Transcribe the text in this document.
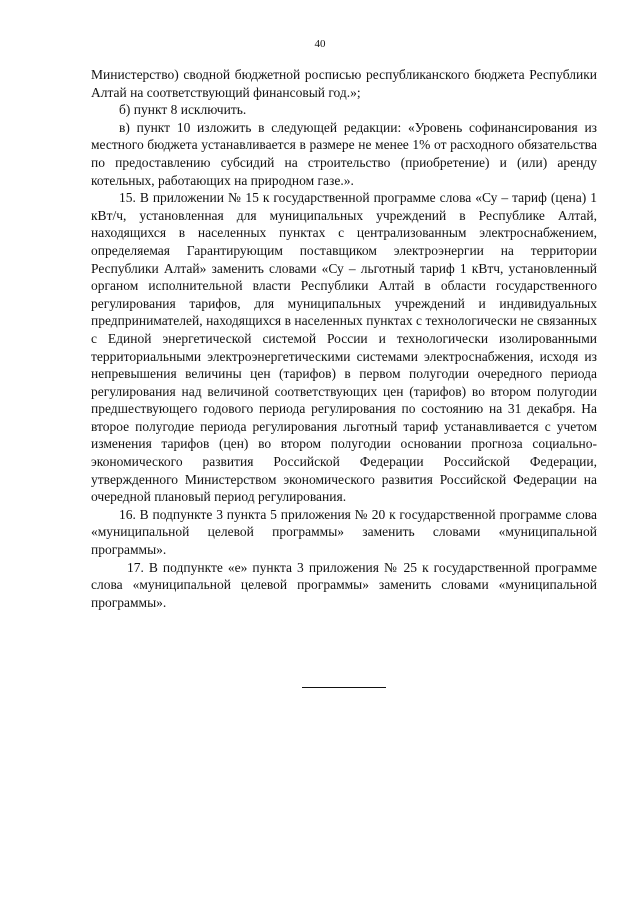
40

Министерство) сводной бюджетной росписью республиканского бюджета Республики Алтай на соответствующий финансовый год.»;

б) пункт 8 исключить.

в) пункт 10 изложить в следующей редакции: «Уровень софинансирования из местного бюджета устанавливается в размере не менее 1% от расходного обязательства по предоставлению субсидий на строительство (приобретение) и (или) аренду котельных, работающих на природном газе.».

15. В приложении № 15 к государственной программе слова «Су – тариф (цена) 1 кВт/ч, установленная для муниципальных учреждений в Республике Алтай, находящихся в населенных пунктах с централизованным электроснабжением, определяемая Гарантирующим поставщиком электроэнергии на территории Республики Алтай» заменить словами «Су – льготный тариф 1 кВтч, установленный органом исполнительной власти Республики Алтай в области государственного регулирования тарифов, для муниципальных учреждений и индивидуальных предпринимателей, находящихся в населенных пунктах с технологически не связанных с Единой энергетической системой России и технологически изолированными территориальными электроэнергетическими системами электроснабжения, исходя из непревышения величины цен (тарифов) в первом полугодии очередного периода регулирования над величиной соответствующих цен (тарифов) во втором полугодии предшествующего годового периода регулирования по состоянию на 31 декабря. На второе полугодие периода регулирования льготный тариф устанавливается с учетом изменения тарифов (цен) во втором полугодии основании прогноза социально-экономического развития Российской Федерации Российской Федерации, утвержденного Министерством экономического развития Российской Федерации на очередной плановый период регулирования.

16. В подпункте 3 пункта 5 приложения № 20 к государственной программе слова «муниципальной целевой программы» заменить словами «муниципальной программы».

17. В подпункте «е» пункта 3 приложения № 25 к государственной программе слова «муниципальной целевой программы» заменить словами «муниципальной программы».
